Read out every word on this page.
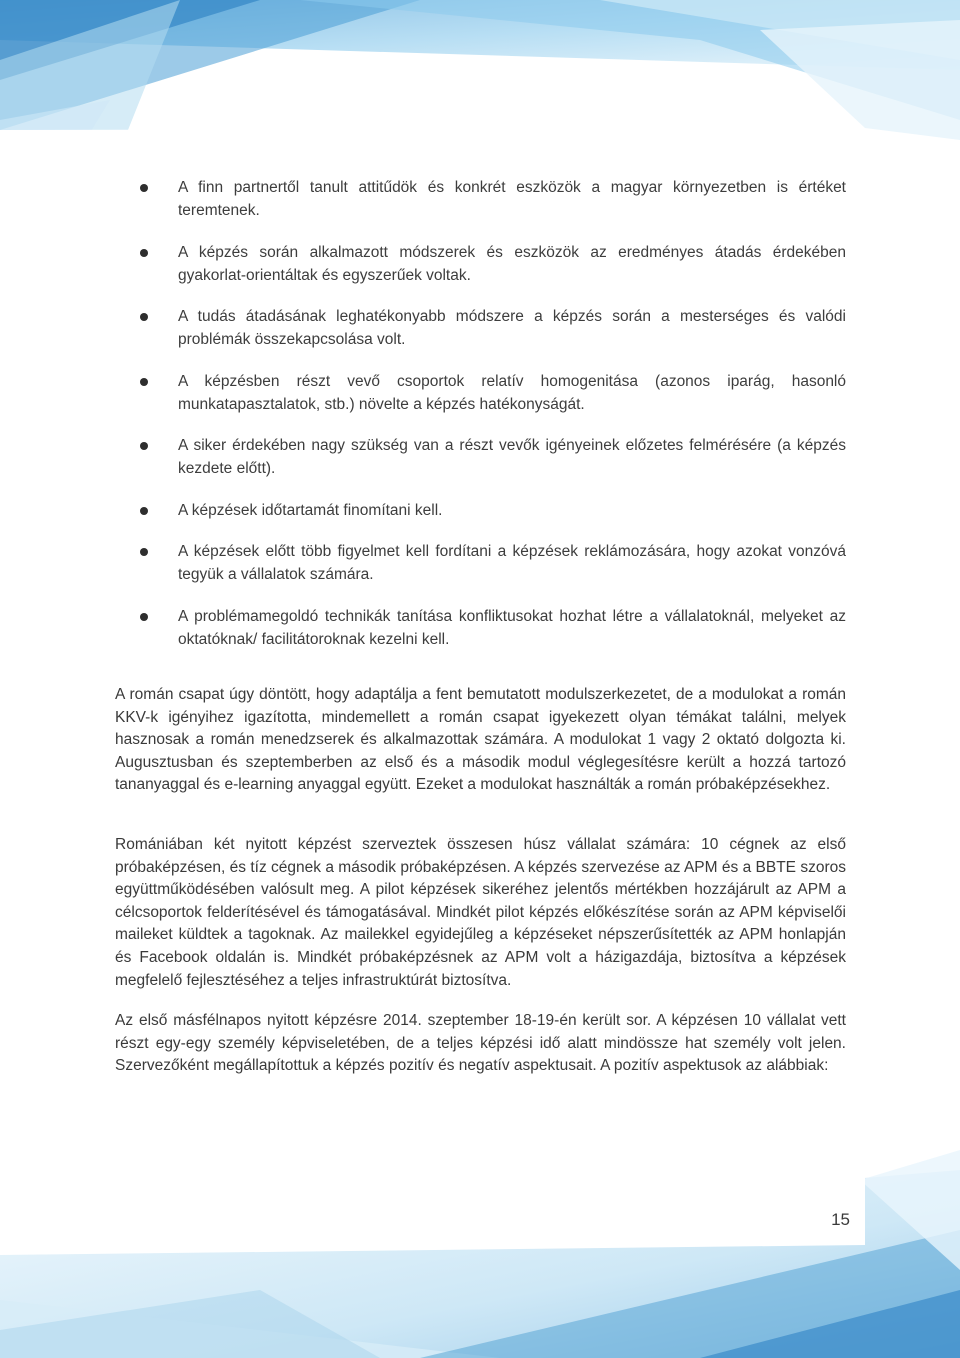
A finn partnertől tanult attitűdök és konkrét eszközök a magyar környezetben is értéket teremtenek.
A képzés során alkalmazott módszerek és eszközök az eredményes átadás érdekében gyakorlat-orientáltak és egyszerűek voltak.
A tudás átadásának leghatékonyabb módszere a képzés során a mesterséges és valódi problémák összekapcsolása volt.
A képzésben részt vevő csoportok relatív homogenitása (azonos iparág, hasonló munkatapasztalatok, stb.) növelte a képzés hatékonyságát.
A siker érdekében nagy szükség van a részt vevők igényeinek előzetes felmérésére (a képzés kezdete előtt).
A képzések időtartamát finomítani kell.
A képzések előtt több figyelmet kell fordítani a képzések reklámozására, hogy azokat vonzóvá tegyük a vállalatok számára.
A problémamegoldó technikák tanítása konfliktusokat hozhat létre a vállalatoknál, melyeket az oktatóknak/ facilitátoroknak kezelni kell.

A román csapat úgy döntött, hogy adaptálja a fent bemutatott modulszerkezetet, de a modulokat a román KKV-k igényihez igazította, mindemellett a román csapat igyekezett olyan témákat találni, melyek hasznosak a román menedzserek és alkalmazottak számára. A modulokat 1 vagy 2 oktató dolgozta ki. Augusztusban és szeptemberben az első és a második modul véglegesítésre került a hozzá tartozó tananyaggal és e-learning anyaggal együtt. Ezeket a modulokat használták a román próbaképzésekhez.

Romániában két nyitott képzést szerveztek összesen húsz vállalat számára: 10 cégnek az első próbaképzésen, és tíz cégnek a második próbaképzésen. A képzés szervezése az APM és a BBTE szoros együttműködésében valósult meg. A pilot képzések sikeréhez jelentős mértékben hozzájárult az APM a célcsoportok felderítésével és támogatásával. Mindkét pilot képzés előkészítése során az APM képviselői maileket küldtek a tagoknak. Az mailekkel egyidejűleg a képzéseket népszerűsítették az APM honlapján és Facebook oldalán is. Mindkét próbaképzésnek az APM volt a házigazdája, biztosítva a képzések megfelelő fejlesztéséhez a teljes infrastruktúrát biztosítva.

Az első másfélnapos nyitott képzésre 2014. szeptember 18-19-én került sor. A képzésen 10 vállalat vett részt egy-egy személy képviseletében, de a teljes képzési idő alatt mindössze hat személy volt jelen. Szervezőként megállapítottuk a képzés pozitív és negatív aspektusait. A pozitív aspektusok az alábbiak:

15
